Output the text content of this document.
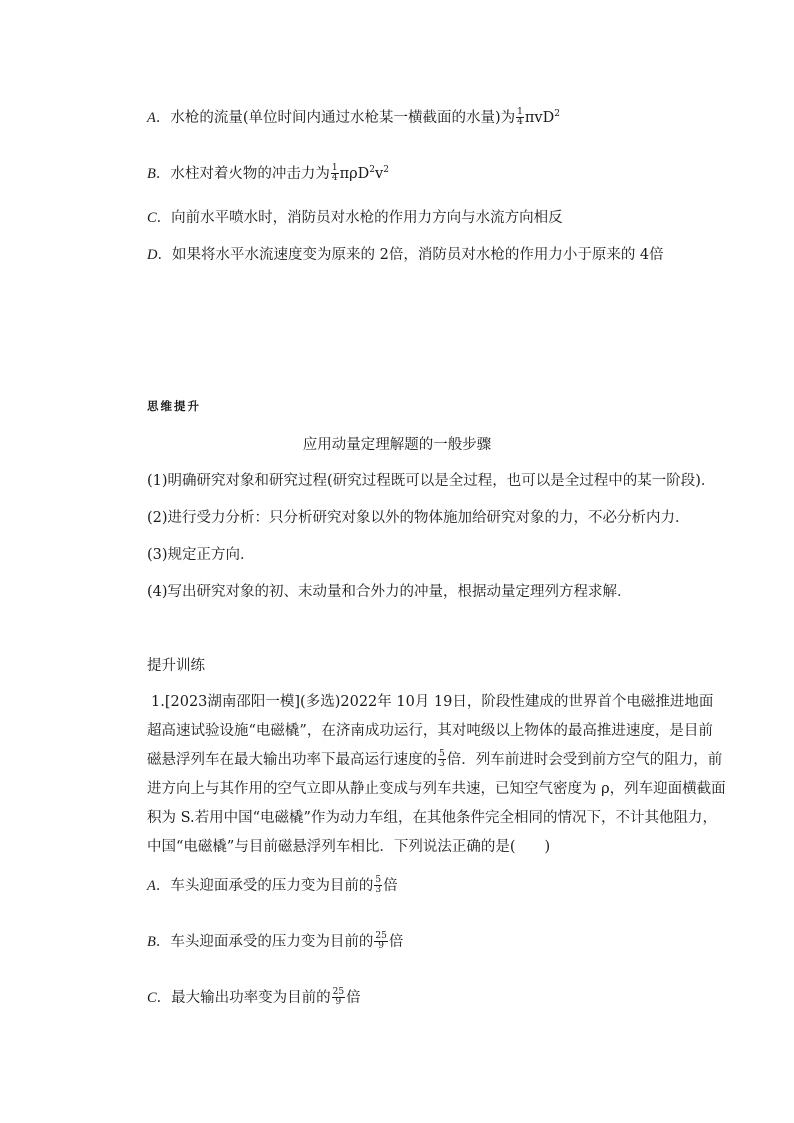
A．水枪的流量(单位时间内通过水枪某一横截面的水量)为 $\frac{1}{4} \pi vD^2$
B．水柱对着火物的冲击力为 $\frac{1}{4} \pi\rho D^2v^2$
C．向前水平喷水时，消防员对水枪的作用力方向与水流方向相反
D．如果将水平水流速度变为原来的 2倍，消防员对水枪的作用力小于原来的 4倍
思维提升
应用动量定理解题的一般步骤
(1)明确研究对象和研究过程(研究过程既可以是全过程，也可以是全过程中的某一阶段)．
(2)进行受力分析：只分析研究对象以外的物体施加给研究对象的力，不必分析内力．
(3)规定正方向．
(4)写出研究对象的初、末动量和合外力的冲量，根据动量定理列方程求解．
提升训练
1.[2023湖南邵阳一模](多选)2022年 10月 19日，阶段性建成的世界首个电磁推进地面
超高速试验设施“电磁橇”，在济南成功运行，其对吨级以上物体的最高推进速度，是目前
磁悬浮列车在最大输出功率下最高运行速度的 $\frac{5}{3}$ 倍．列车前进时会受到前方空气的阻力，前
进方向上与其作用的空气立即从静止变成与列车共速，已知空气密度为 ρ，列车迎面横截面
积为 S.若用中国“电磁橇”作为动力车组，在其他条件完全相同的情况下，不计其他阻力，
中国“电磁橇”与目前磁悬浮列车相比．下列说法正确的是(　　)
A．车头迎面承受的压力变为目前的 $\frac{5}{3}$ 倍
B．车头迎面承受的压力变为目前的 $\frac{25}{9}$ 倍
C．最大输出功率变为目前的 $\frac{25}{9}$ 倍
